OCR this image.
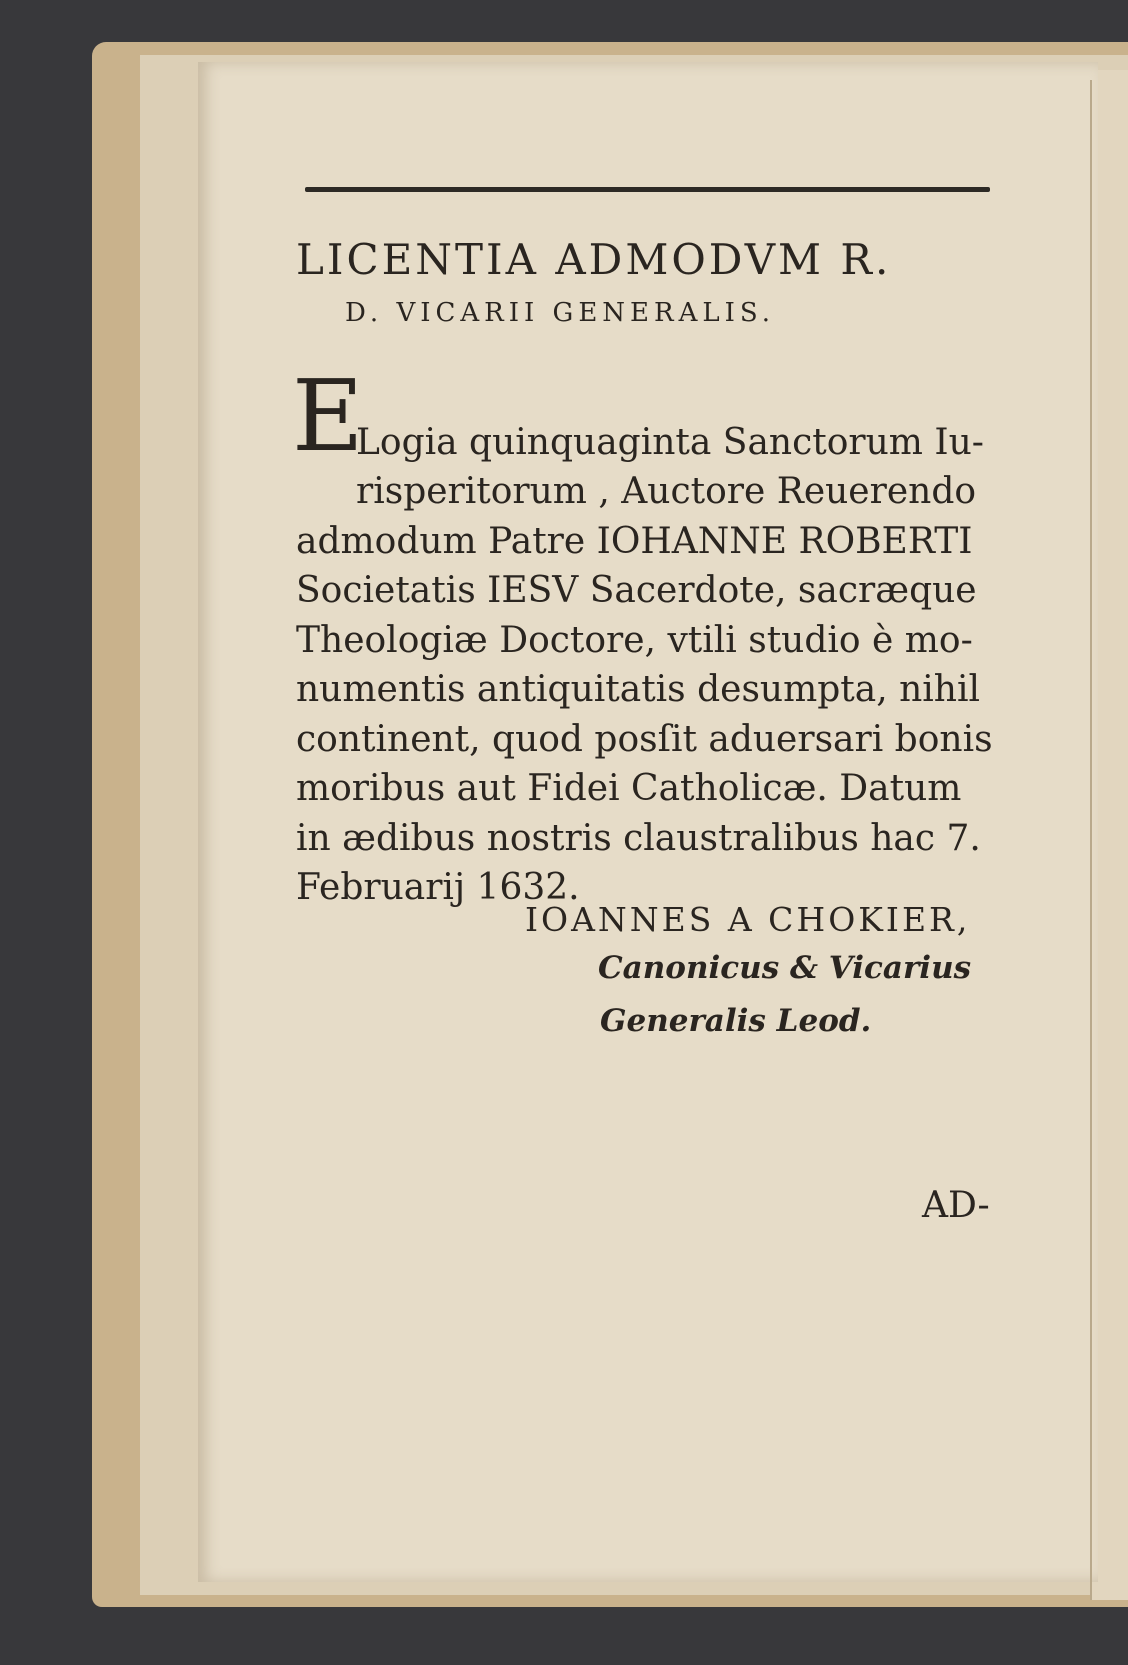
LICENTIA ADMODVM R.
D. VICARII GENERALIS.
E

Logia quinquaginta Sanctorum Iu-
risperitorum , Auctore Reuerendo
admodum Patre IOHANNE ROBERTI
Societatis IESV Sacerdote, sacræque
Theologiæ Doctore, vtili studio è mo-
numentis antiquitatis desumpta, nihil
continent, quod posſit aduersari bonis
moribus aut Fidei Catholicæ. Datum
in ædibus nostris claustralibus hac 7.
Februarij 1632.

IOANNES A CHOKIER,
Canonicus & Vicarius
Generalis Leod.
AD-
